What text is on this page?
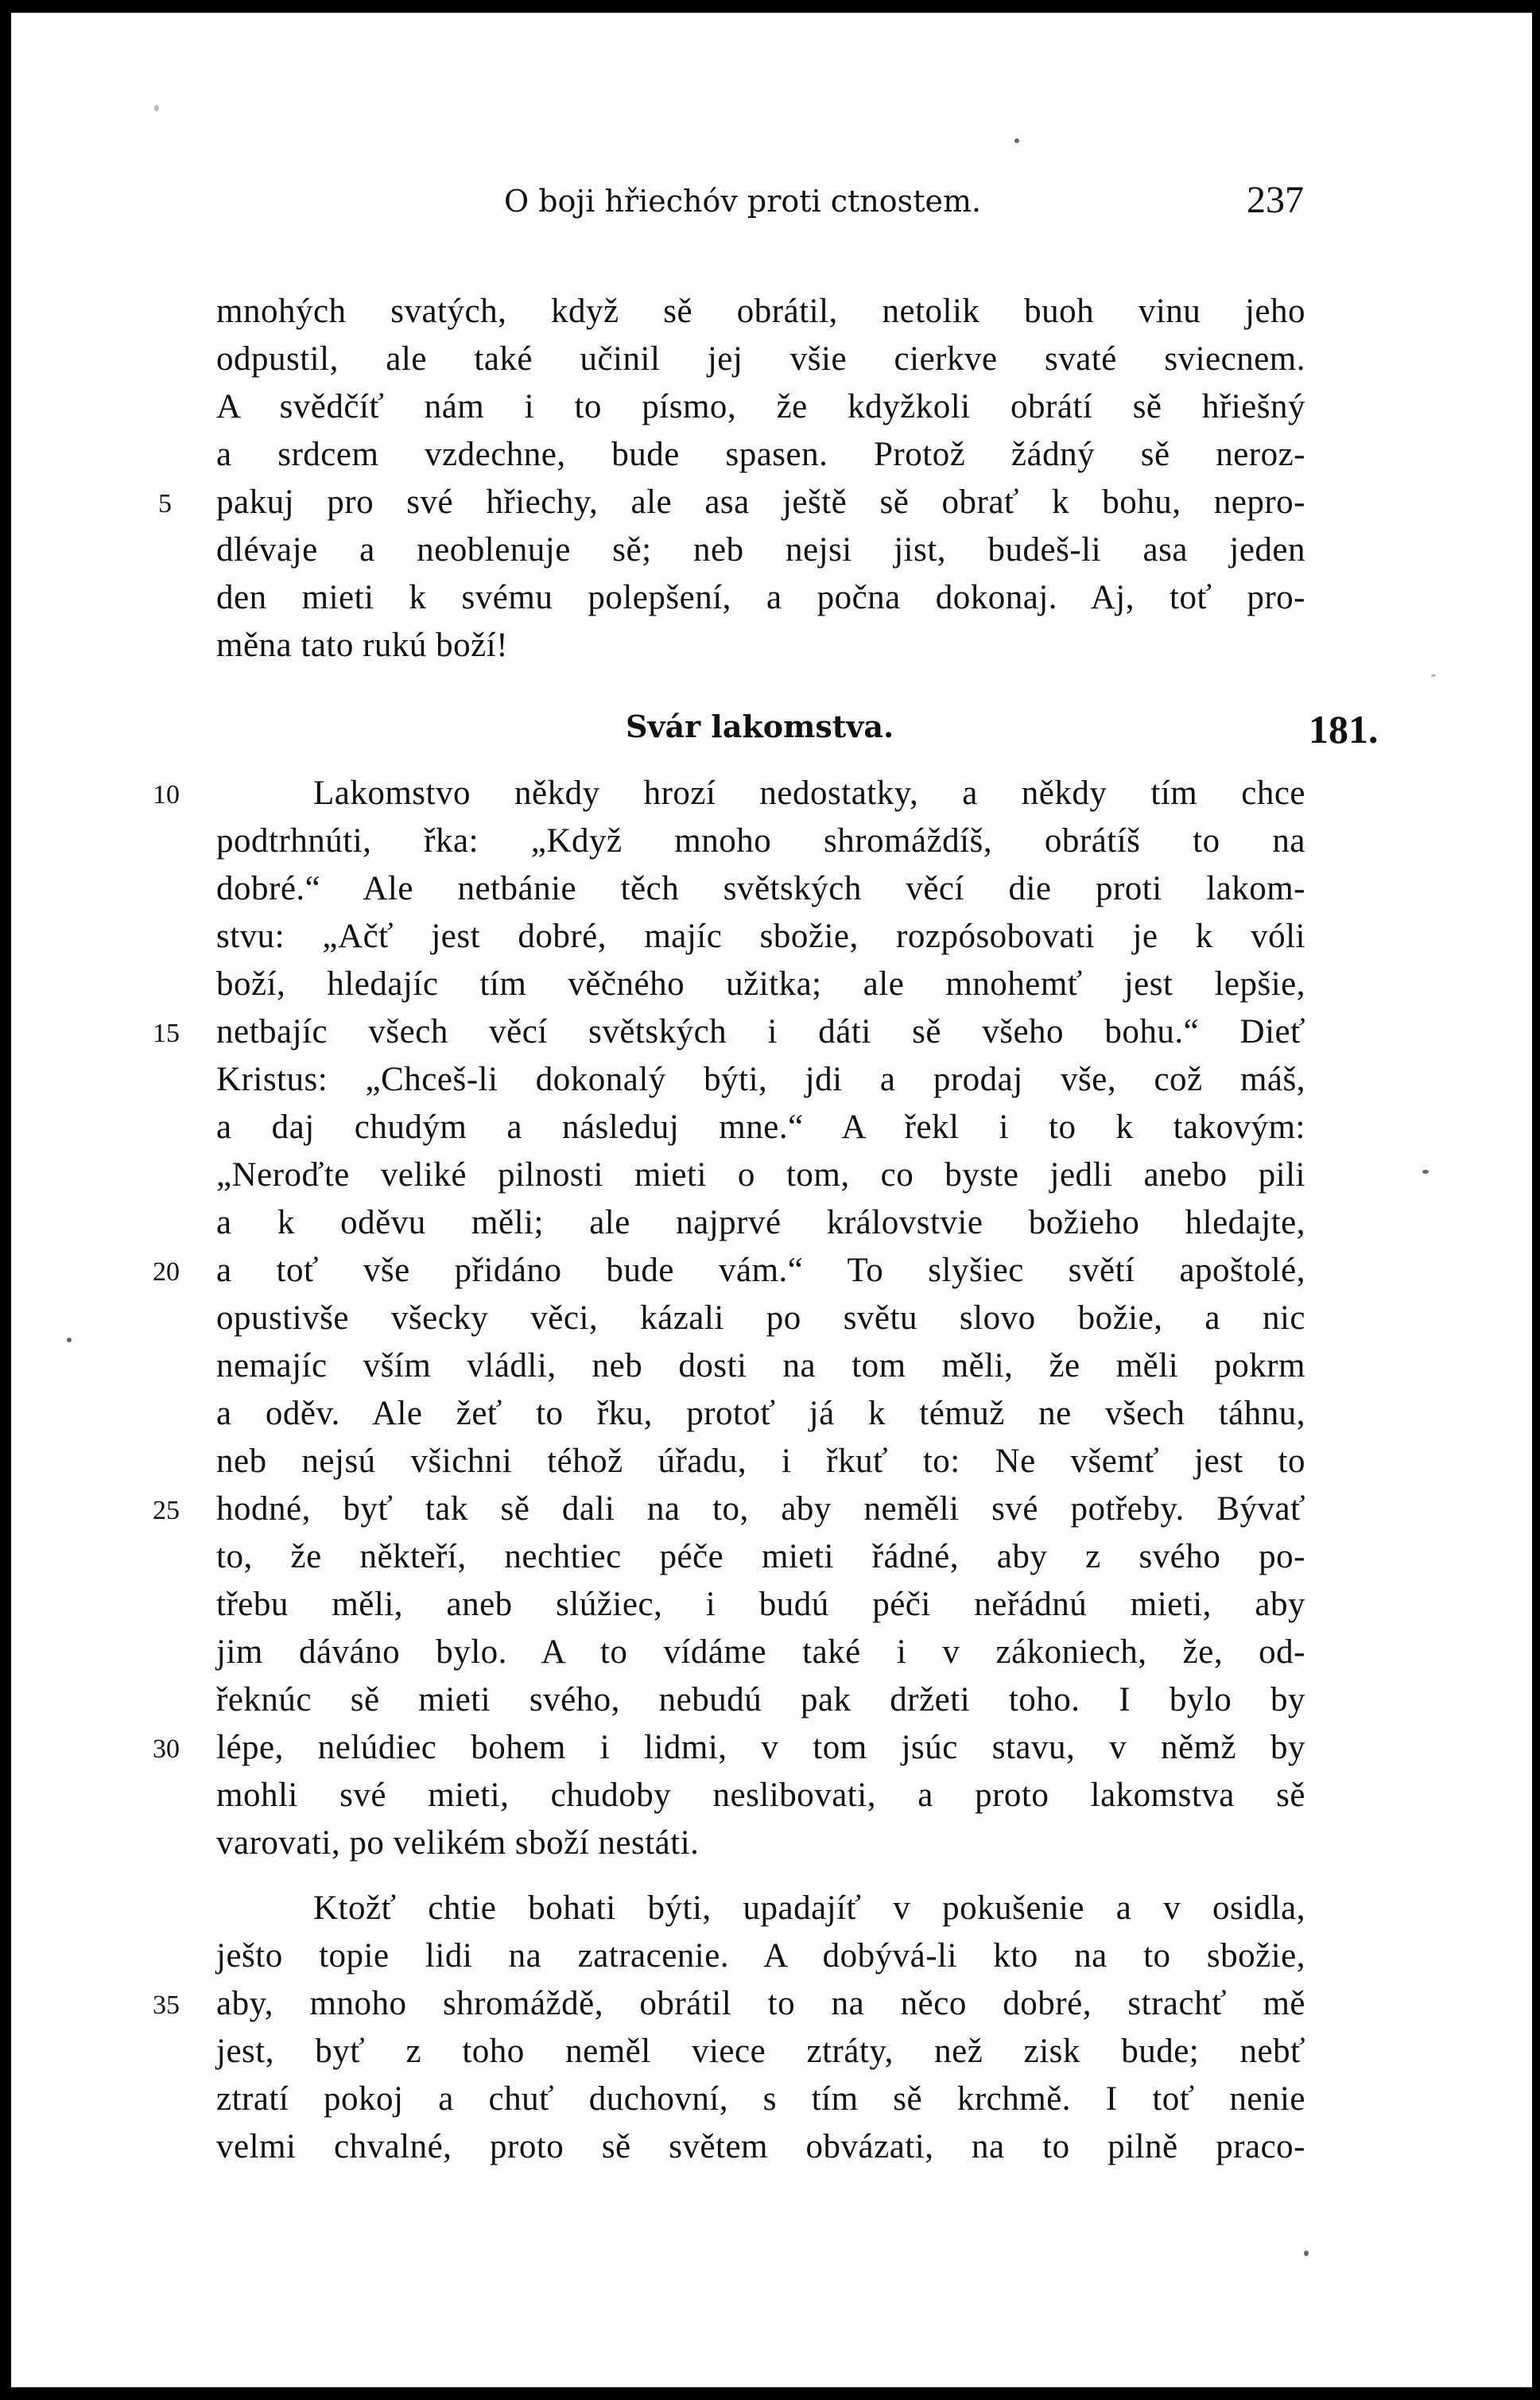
O boji hřiechóv proti ctnostem.	237
mnohých svatých, když sě obrátil, netolik buoh vinu jeho
odpustil, ale také učinil jej všie cierkve svaté sviecnem.
A svědčíť nám i to písmo, že kdyžkoli obrátí sě hřiešný
a srdcem vzdechne, bude spasen. Protož žádný sě neroz-
pakuj pro své hřiechy, ale asa ještě sě obrať k bohu, nepro-
dlévaje a neoblenuje sě; neb nejsi jist, budeš-li asa jeden
den mieti k svému polepšení, a počna dokonaj. Aj, toť pro-
měna tato rukú boží!
Svár lakomstva.	181.
Lakomstvo někdy hrozí nedostatky, a někdy tím chce
podtrhnúti, řka: „Když mnoho shromáždíš, obrátíš to na
dobré.“ Ale netbánie těch světských věcí die proti lakom-
stvu: „Ačť jest dobré, majíc sbožie, rozpósobovati je k vóli
boží, hledajíc tím věčného užitka; ale mnohemť jest lepšie,
netbajíc všech věcí světských i dáti sě všeho bohu.“ Dieť
Kristus: „Chceš-li dokonalý býti, jdi a prodaj vše, což máš,
a daj chudým a následuj mne.“ A řekl i to k takovým:
„Neroďte veliké pilnosti mieti o tom, co byste jedli anebo pili
a k oděvu měli; ale najprvé královstvie božieho hledajte,
a toť vše přidáno bude vám.“ To slyšiec světí apoštolé,
opustivše všecky věci, kázali po světu slovo božie, a nic
nemajíc vším vládli, neb dosti na tom měli, že měli pokrm
a oděv. Ale žeť to řku, protoť já k témuž ne všech táhnu,
neb nejsú všichni téhož úřadu, i řkuť to: Ne všemť jest to
hodné, byť tak sě dali na to, aby neměli své potřeby. Bývať
to, že někteří, nechtiec péče mieti řádné, aby z svého po-
třebu měli, aneb slúžiec, i budú péči neřádnú mieti, aby
jim dáváno bylo. A to vídáme také i v zákoniech, že, od-
řeknúc sě mieti svého, nebudú pak držeti toho. I bylo by
lépe, nelúdiec bohem i lidmi, v tom jsúc stavu, v němž by
mohli své mieti, chudoby neslibovati, a proto lakomstva sě
varovati, po velikém sboží nestáti.
Ktožť chtie bohati býti, upadajíť v pokušenie a v osidla,
ješto topie lidi na zatracenie. A dobývá-li kto na to sbožie,
aby, mnoho shromáždě, obrátil to na něco dobré, strachť mě
jest, byť z toho neměl viece ztráty, než zisk bude; nebť
ztratí pokoj a chuť duchovní, s tím sě krchmě. I toť nenie
velmi chvalné, proto sě světem obvázati, na to pilně praco-
5
10
15
20
25
30
35
